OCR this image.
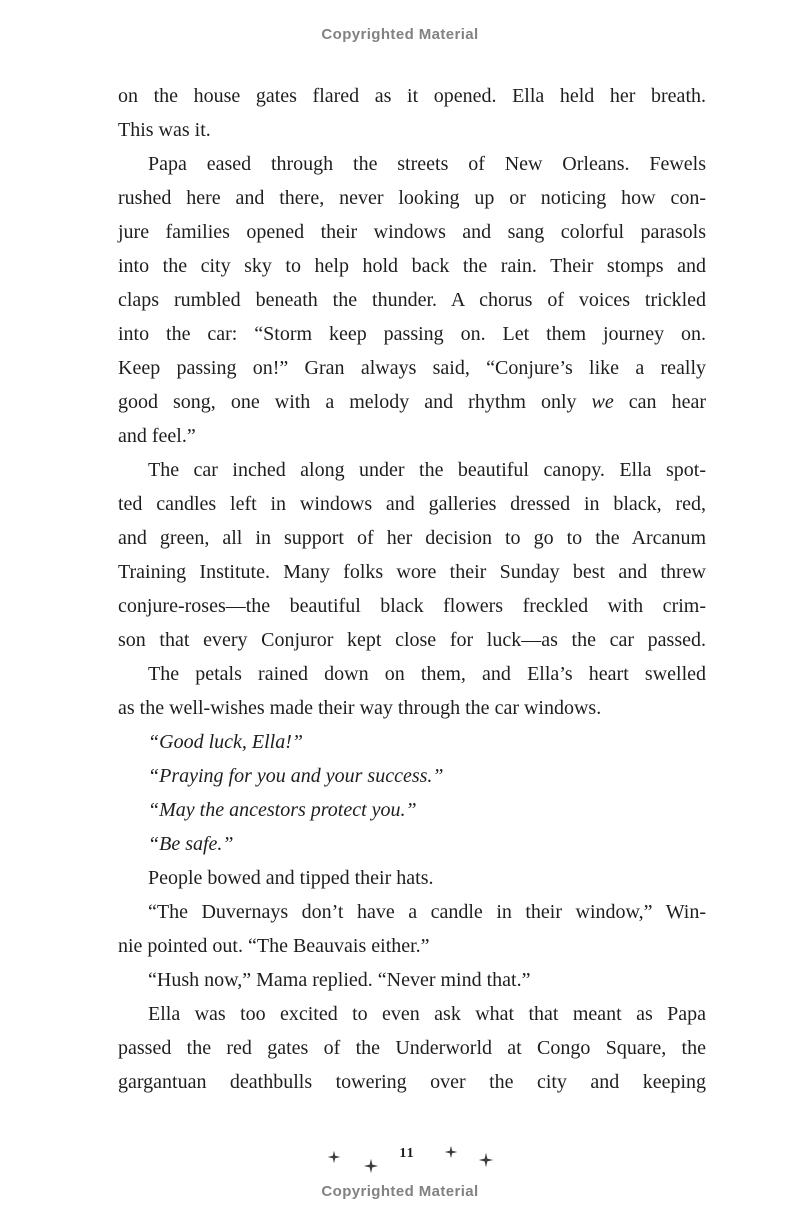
Copyrighted Material
on the house gates flared as it opened. Ella held her breath.
This was it.
Papa eased through the streets of New Orleans. Fewels
rushed here and there, never looking up or noticing how con-
jure families opened their windows and sang colorful parasols
into the city sky to help hold back the rain. Their stomps and
claps rumbled beneath the thunder. A chorus of voices trickled
into the car: “Storm keep passing on. Let them journey on.
Keep passing on!” Gran always said, “Conjure’s like a really
good song, one with a melody and rhythm only we can hear
and feel.”
The car inched along under the beautiful canopy. Ella spot-
ted candles left in windows and galleries dressed in black, red,
and green, all in support of her decision to go to the Arcanum
Training Institute. Many folks wore their Sunday best and threw
conjure-roses—the beautiful black flowers freckled with crim-
son that every Conjuror kept close for luck—as the car passed.
The petals rained down on them, and Ella’s heart swelled
as the well-wishes made their way through the car windows.
“Good luck, Ella!”
“Praying for you and your success.”
“May the ancestors protect you.”
“Be safe.”
People bowed and tipped their hats.
“The Duvernays don’t have a candle in their window,” Win-
nie pointed out. “The Beauvais either.”
“Hush now,” Mama replied. “Never mind that.”
Ella was too excited to even ask what that meant as Papa
passed the red gates of the Underworld at Congo Square, the
gargantuan deathbulls towering over the city and keeping
11
Copyrighted Material
